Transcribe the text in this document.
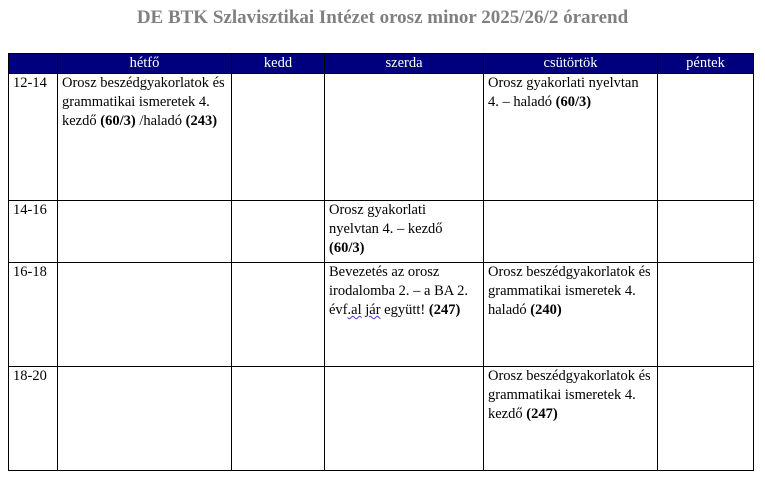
DE BTK Szlavisztikai Intézet orosz minor 2025/26/2 órarend
	hétfő	kedd	szerda	csütörtök	péntek
12-14	Orosz beszédgyakorlatok és grammatikai ismeretek 4. kezdő (60/3) /haladó (243)			Orosz gyakorlati nyelvtan 4. – haladó (60/3)	
14-16			Orosz gyakorlati nyelvtan 4. – kezdő (60/3)		
16-18			Bevezetés az orosz irodalomba 2. – a BA 2. évf.al jár együtt! (247)	Orosz beszédgyakorlatok és grammatikai ismeretek 4. haladó (240)	
18-20				Orosz beszédgyakorlatok és grammatikai ismeretek 4. kezdő (247)	
